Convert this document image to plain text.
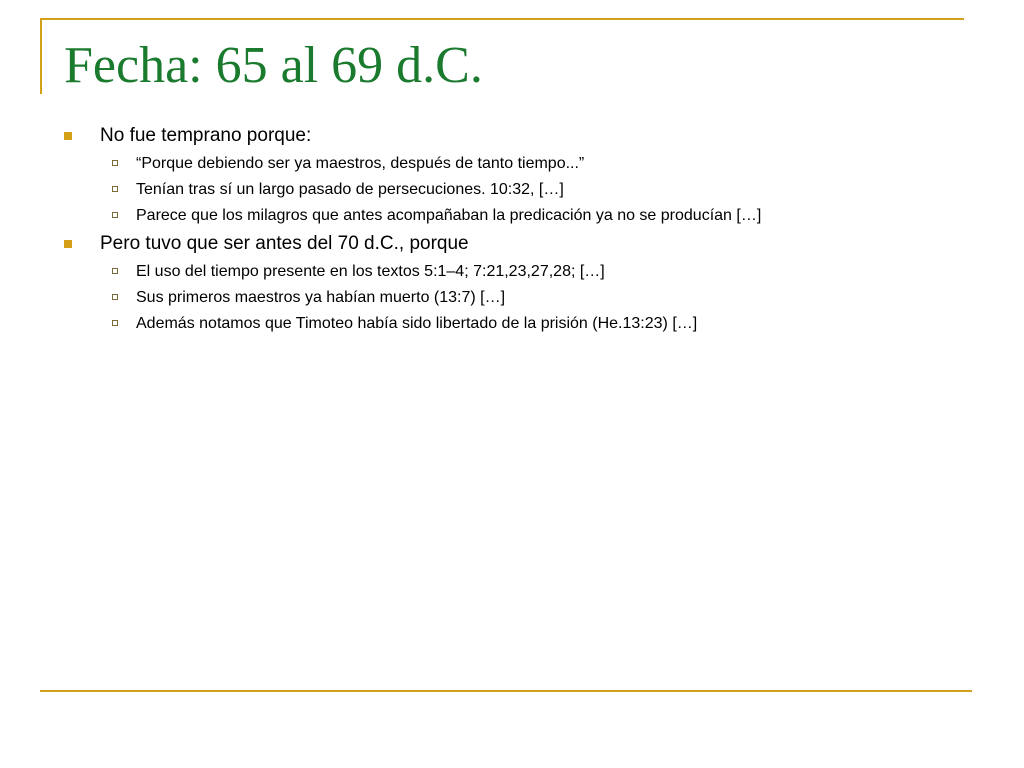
Fecha: 65 al 69 d.C.
No fue temprano porque:
“Porque debiendo ser ya maestros, después de tanto tiempo...”
Tenían tras sí un largo pasado de persecuciones. 10:32, […]
Parece que los milagros que antes acompañaban la predicación ya no se producían […]
Pero tuvo que ser antes del 70 d.C., porque
El uso del tiempo presente en los textos 5:1–4; 7:21,23,27,28; […]
Sus primeros maestros ya habían muerto (13:7) […]
Además notamos que Timoteo había sido libertado de la prisión (He.13:23) […]
